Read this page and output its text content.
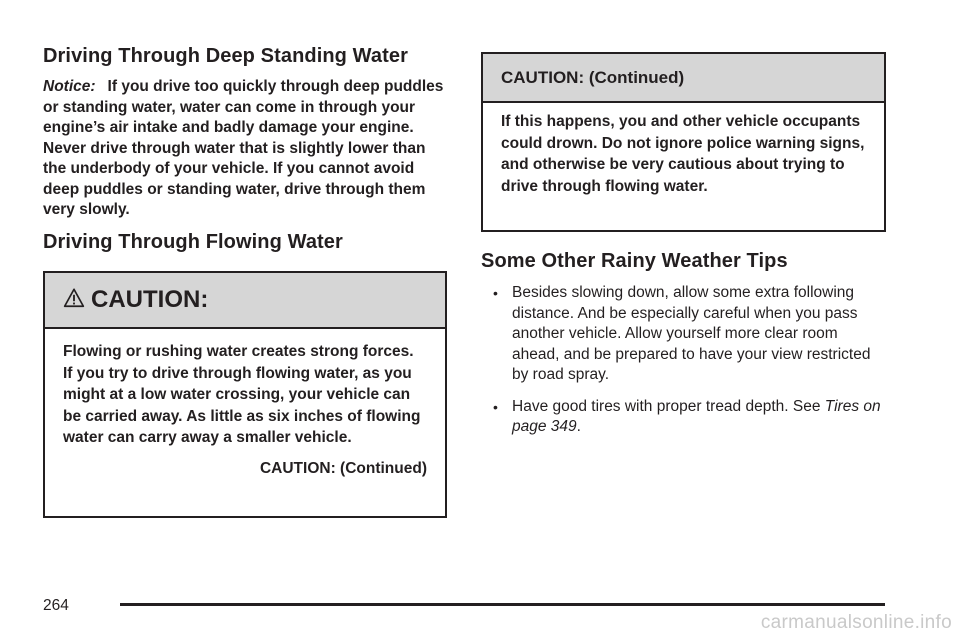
Driving Through Deep Standing Water

Notice: If you drive too quickly through deep puddles or standing water, water can come in through your engine’s air intake and badly damage your engine. Never drive through water that is slightly lower than the underbody of your vehicle. If you cannot avoid deep puddles or standing water, drive through them very slowly.

Driving Through Flowing Water
CAUTION:
Flowing or rushing water creates strong forces. If you try to drive through flowing water, as you might at a low water crossing, your vehicle can be carried away. As little as six inches of flowing water can carry away a smaller vehicle.
CAUTION: (Continued)
CAUTION: (Continued)
If this happens, you and other vehicle occupants could drown. Do not ignore police warning signs, and otherwise be very cautious about trying to drive through flowing water.
Some Other Rainy Weather Tips
• Besides slowing down, allow some extra following distance. And be especially careful when you pass another vehicle. Allow yourself more clear room ahead, and be prepared to have your view restricted by road spray.
• Have good tires with proper tread depth. See Tires on page 349.
264
carmanualsonline.info
